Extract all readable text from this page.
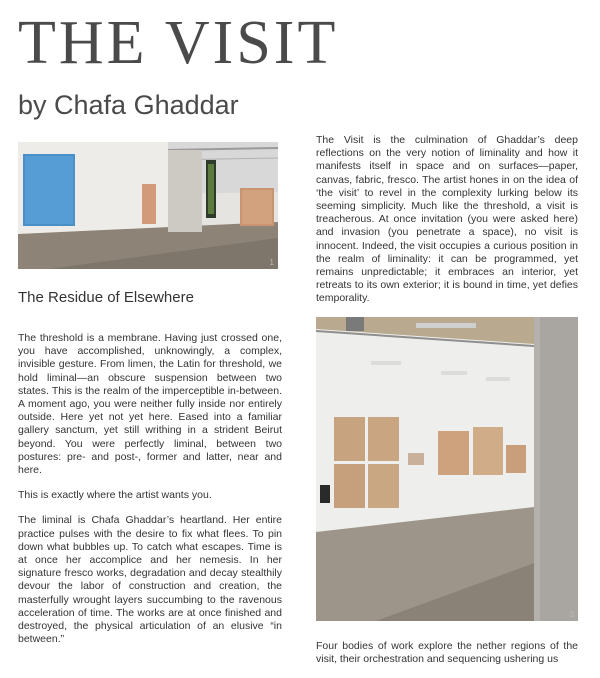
THE VISIT
by Chafa Ghaddar
1
The Residue of Elsewhere

The threshold is a membrane. Having just crossed one, you have accomplished, unknowingly, a complex, invisible gesture. From limen, the Latin for threshold, we hold liminal—an obscure suspension between two states. This is the realm of the imperceptible in-between. A moment ago, you were neither fully inside nor entirely outside. Here yet not yet here. Eased into a familiar gallery sanctum, yet still writhing in a strident Beirut beyond. You were perfectly liminal, between two postures: pre- and post-, former and latter, near and here.

This is exactly where the artist wants you.

The liminal is Chafa Ghaddar’s heartland. Her entire practice pulses with the desire to fix what flees. To pin down what bubbles up. To catch what escapes. Time is at once her accomplice and her nemesis. In her signature fresco works, degradation and decay stealthily devour the labor of construction and creation, the masterfully wrought layers succumbing to the ravenous acceleration of time. The works are at once finished and destroyed, the physical articulation of an elusive “in between.”

The Visit is the culmination of Ghaddar’s deep reflections on the very notion of liminality and how it manifests itself in space and on surfaces—paper, canvas, fabric, fresco. The artist hones in on the idea of ‘the visit’ to revel in the complexity lurking below its seeming simplicity. Much like the threshold, a visit is treacherous. At once invitation (you were asked here) and invasion (you penetrate a space), no visit is innocent. Indeed, the visit occupies a curious position in the realm of liminality: it can be programmed, yet remains unpredictable; it embraces an interior, yet retreats to its own exterior; it is bound in time, yet defies temporality.

3

Four bodies of work explore the nether regions of the visit, their orchestration and sequencing ushering us
